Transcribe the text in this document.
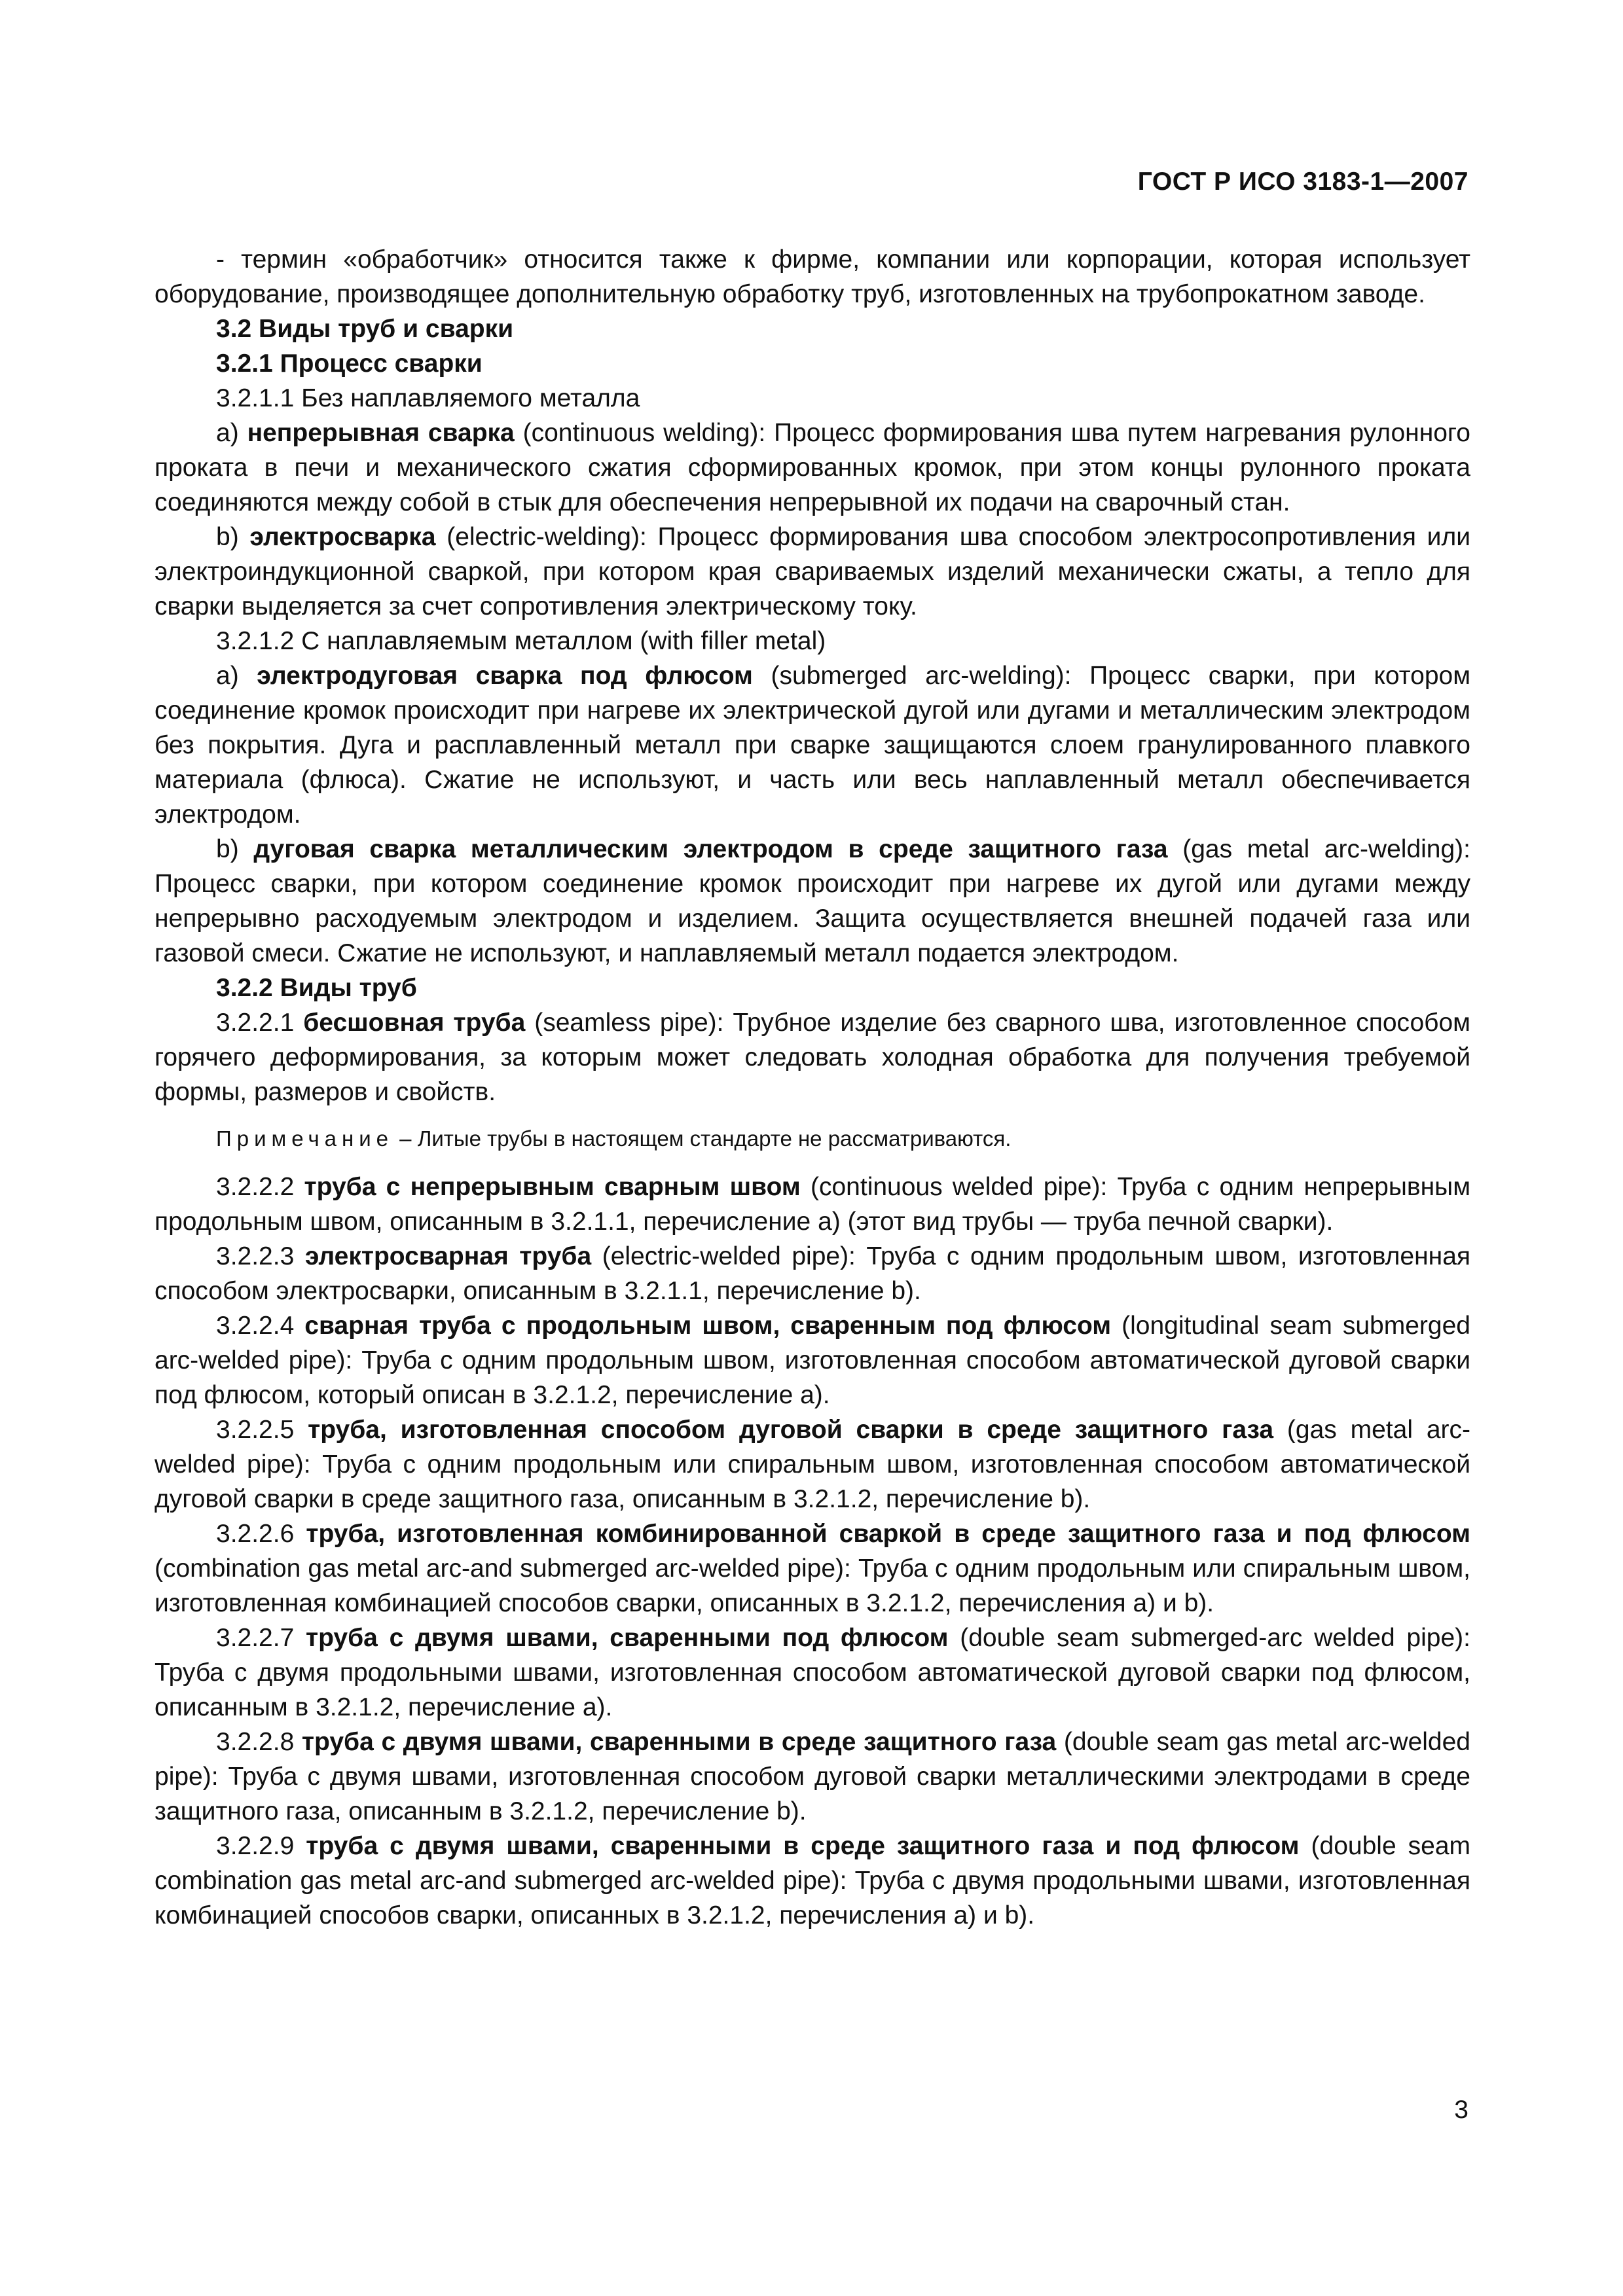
ГОСТ Р ИСО 3183-1—2007

- термин «обработчик» относится также к фирме, компании или корпорации, которая использует оборудование, производящее дополнительную обработку труб, изготовленных на трубопрокатном заводе.

3.2 Виды труб и сварки

3.2.1 Процесс сварки

3.2.1.1 Без наплавляемого металла

а) непрерывная сварка (continuous welding): Процесс формирования шва путем нагревания рулонного проката в печи и механического сжатия сформированных кромок, при этом концы рулонного проката соединяются между собой в стык для обеспечения непрерывной их подачи на сварочный стан.

b) электросварка (electric-welding): Процесс формирования шва способом электросопротивления или электроиндукционной сваркой, при котором края свариваемых изделий механически сжаты, а тепло для сварки выделяется за счет сопротивления электрическому току.

3.2.1.2 С наплавляемым металлом (with filler metal)

а) электродуговая сварка под флюсом (submerged arc-welding): Процесс сварки, при котором соединение кромок происходит при нагреве их электрической дугой или дугами и металлическим электродом без покрытия. Дуга и расплавленный металл при сварке защищаются слоем гранулированного плавкого материала (флюса). Сжатие не используют, и часть или весь наплавленный металл обеспечивается электродом.

b) дуговая сварка металлическим электродом в среде защитного газа (gas metal arc-welding): Процесс сварки, при котором соединение кромок происходит при нагреве их дугой или дугами между непрерывно расходуемым электродом и изделием. Защита осуществляется внешней подачей газа или газовой смеси. Сжатие не используют, и наплавляемый металл подается электродом.

3.2.2 Виды труб

3.2.2.1 бесшовная труба (seamless pipe): Трубное изделие без сварного шва, изготовленное способом горячего деформирования, за которым может следовать холодная обработка для получения требуемой формы, размеров и свойств.

Примечание – Литые трубы в настоящем стандарте не рассматриваются.

3.2.2.2 труба с непрерывным сварным швом (continuous welded pipe): Труба с одним непрерывным продольным швом, описанным в 3.2.1.1, перечисление а) (этот вид трубы — труба печной сварки).

3.2.2.3 электросварная труба (electric-welded pipe): Труба с одним продольным швом, изготовленная способом электросварки, описанным в 3.2.1.1, перечисление b).

3.2.2.4 сварная труба с продольным швом, сваренным под флюсом (longitudinal seam submerged arc-welded pipe): Труба с одним продольным швом, изготовленная способом автоматической дуговой сварки под флюсом, который описан в 3.2.1.2, перечисление а).

3.2.2.5 труба, изготовленная способом дуговой сварки в среде защитного газа (gas metal arc-welded pipe): Труба с одним продольным или спиральным швом, изготовленная способом автоматической дуговой сварки в среде защитного газа, описанным в 3.2.1.2, перечисление b).

3.2.2.6 труба, изготовленная комбинированной сваркой в среде защитного газа и под флюсом (combination gas metal arc-and submerged arc-welded pipe): Труба с одним продольным или спиральным швом, изготовленная комбинацией способов сварки, описанных в 3.2.1.2, перечисления а) и b).

3.2.2.7 труба с двумя швами, сваренными под флюсом (double seam submerged-arc welded pipe): Труба с двумя продольными швами, изготовленная способом автоматической дуговой сварки под флюсом, описанным в 3.2.1.2, перечисление а).

3.2.2.8 труба с двумя швами, сваренными в среде защитного газа (double seam gas metal arc-welded pipe): Труба с двумя швами, изготовленная способом дуговой сварки металлическими электродами в среде защитного газа, описанным в 3.2.1.2, перечисление b).

3.2.2.9 труба с двумя швами, сваренными в среде защитного газа и под флюсом (double seam combination gas metal arc-and submerged arc-welded pipe): Труба с двумя продольными швами, изготовленная комбинацией способов сварки, описанных в 3.2.1.2, перечисления а) и b).

3
